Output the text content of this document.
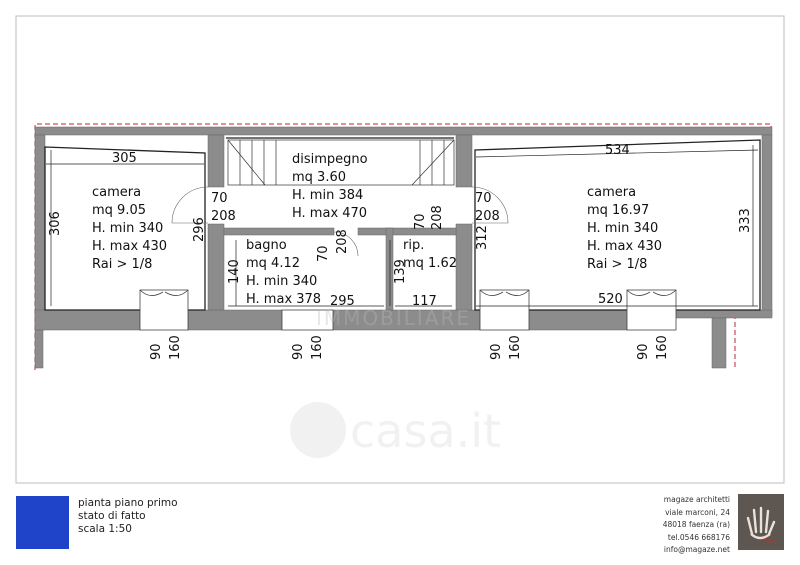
casa.it
IMMOBILIARE
camera
mq 9.05
H. min 340
H. max 430
Rai > 1/8
disimpegno
mq 3.60
H. min 384
H. max 470
bagno
mq 4.12
H. min 340
H. max 378
rip.
mq 1.62
camera
mq 16.97
H. min 340
H. max 430
Rai > 1/8
305
306	296
70
208
140
70 208
295
139
70 208
117
70
208
312
534
333
520
90 160	90 160	90 160	90 160
pianta piano primo
stato di fatto
scala 1:50
magaze architetti
viale marconi, 24
48018 faenza (ra)
tel.0546 668176
info@magaze.net
